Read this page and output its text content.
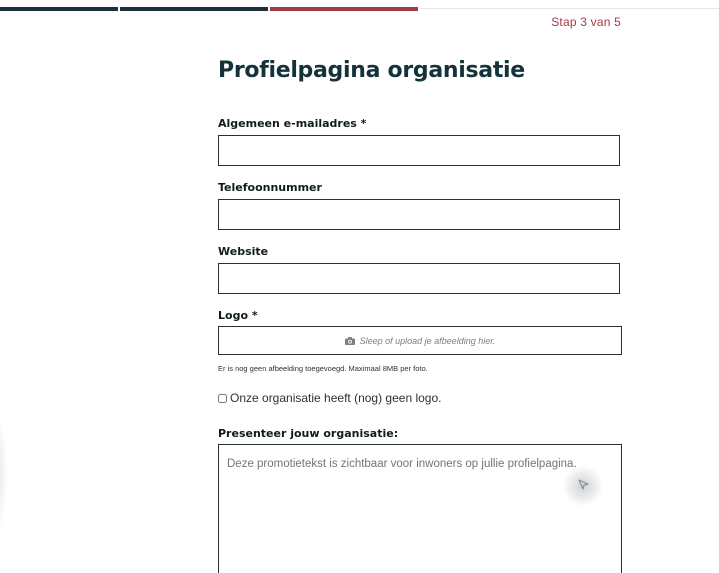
Stap 3 van 5
Profielpagina organisatie
Algemeen e-mailadres *
Telefoonnummer
Website
Logo *
Sleep of upload je afbeelding hier.
Er is nog geen afbeelding toegevoegd. Maximaal 8MB per foto.
Onze organisatie heeft (nog) geen logo.
Presenteer jouw organisatie:
Deze promotietekst is zichtbaar voor inwoners op jullie profielpagina.
